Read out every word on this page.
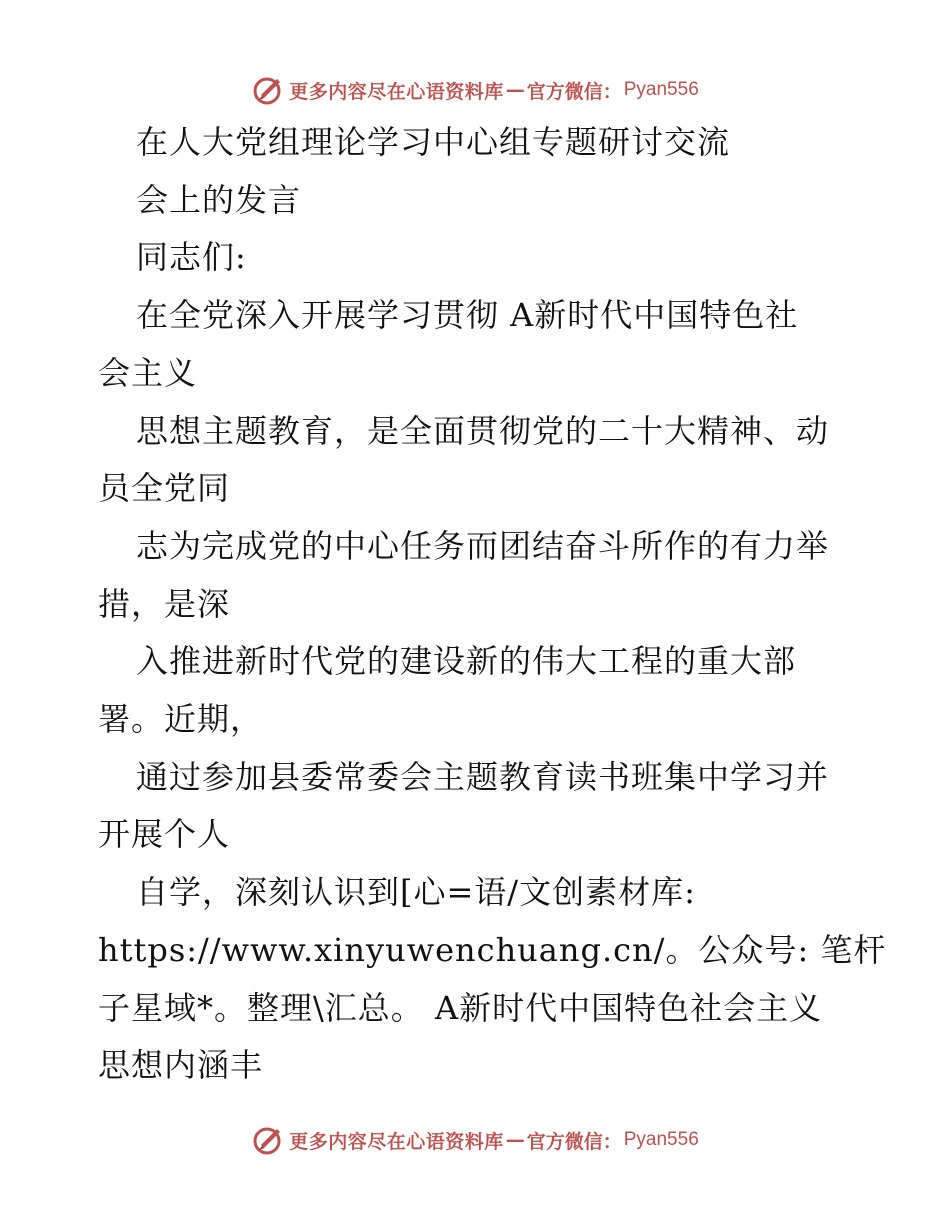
更多内容尽在心语资料库 — 官方微信： Pyan556
在人大党组理论学习中心组专题研讨交流
会上的发言
同志们:
在全党深入开展学习贯彻 A新时代中国特色社
会主义
思想主题教育，是全面贯彻党的二十大精神、动
员全党同
志为完成党的中心任务而团结奋斗所作的有力举
措，是深
入推进新时代党的建设新的伟大工程的重大部
署。近期，
通过参加县委常委会主题教育读书班集中学习并
开展个人
自学，深刻认识到[心=语/文创素材库:
https://www.xinyuwenchuang.cn/。公众号: 笔杆
子星域*。整理\汇总。 A新时代中国特色社会主义
思想内涵丰
更多内容尽在心语资料库 — 官方微信： Pyan556
